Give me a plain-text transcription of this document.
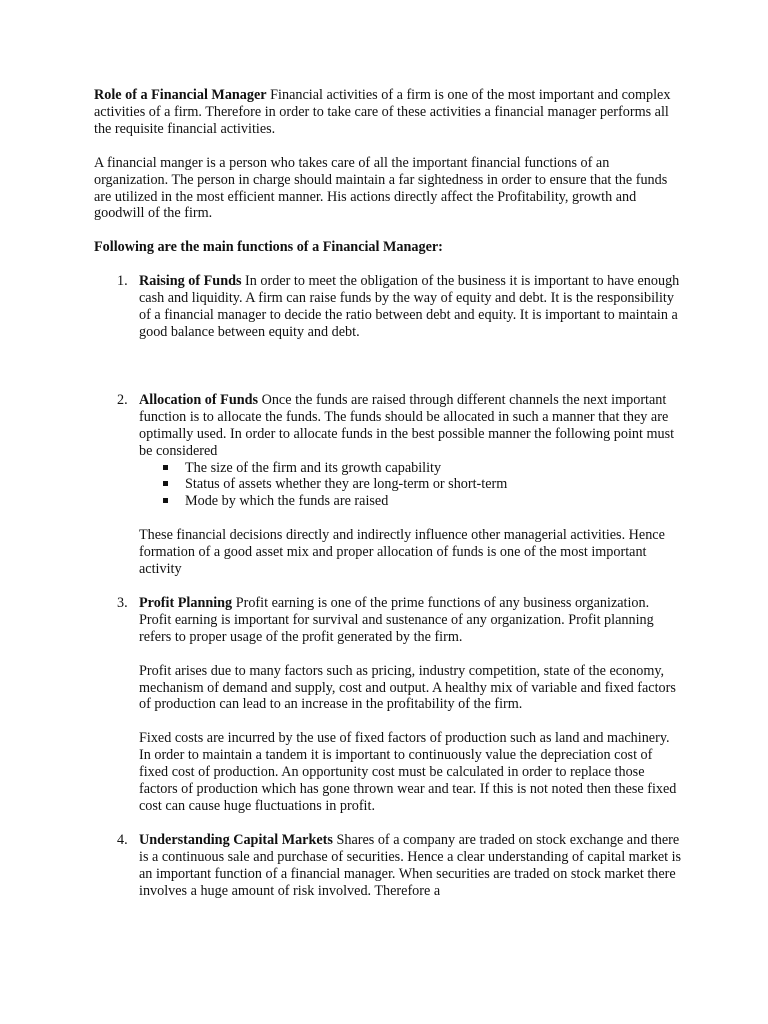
Role of a Financial Manager Financial activities of a firm is one of the most important and complex activities of a firm. Therefore in order to take care of these activities a financial manager performs all the requisite financial activities.

A financial manger is a person who takes care of all the important financial functions of an organization. The person in charge should maintain a far sightedness in order to ensure that the funds are utilized in the most efficient manner. His actions directly affect the Profitability, growth and goodwill of the firm.

Following are the main functions of a Financial Manager:

1. Raising of Funds In order to meet the obligation of the business it is important to have enough cash and liquidity. A firm can raise funds by the way of equity and debt. It is the responsibility of a financial manager to decide the ratio between debt and equity. It is important to maintain a good balance between equity and debt.

2. Allocation of Funds Once the funds are raised through different channels the next important function is to allocate the funds. The funds should be allocated in such a manner that they are optimally used. In order to allocate funds in the best possible manner the following point must be considered

The size of the firm and its growth capability
Status of assets whether they are long-term or short-term
Mode by which the funds are raised

These financial decisions directly and indirectly influence other managerial activities. Hence formation of a good asset mix and proper allocation of funds is one of the most important activity

3. Profit Planning Profit earning is one of the prime functions of any business organization. Profit earning is important for survival and sustenance of any organization. Profit planning refers to proper usage of the profit generated by the firm.

Profit arises due to many factors such as pricing, industry competition, state of the economy, mechanism of demand and supply, cost and output. A healthy mix of variable and fixed factors of production can lead to an increase in the profitability of the firm.

Fixed costs are incurred by the use of fixed factors of production such as land and machinery. In order to maintain a tandem it is important to continuously value the depreciation cost of fixed cost of production. An opportunity cost must be calculated in order to replace those factors of production which has gone thrown wear and tear. If this is not noted then these fixed cost can cause huge fluctuations in profit.

4. Understanding Capital Markets Shares of a company are traded on stock exchange and there is a continuous sale and purchase of securities. Hence a clear understanding of capital market is an important function of a financial manager. When securities are traded on stock market there involves a huge amount of risk involved. Therefore a
